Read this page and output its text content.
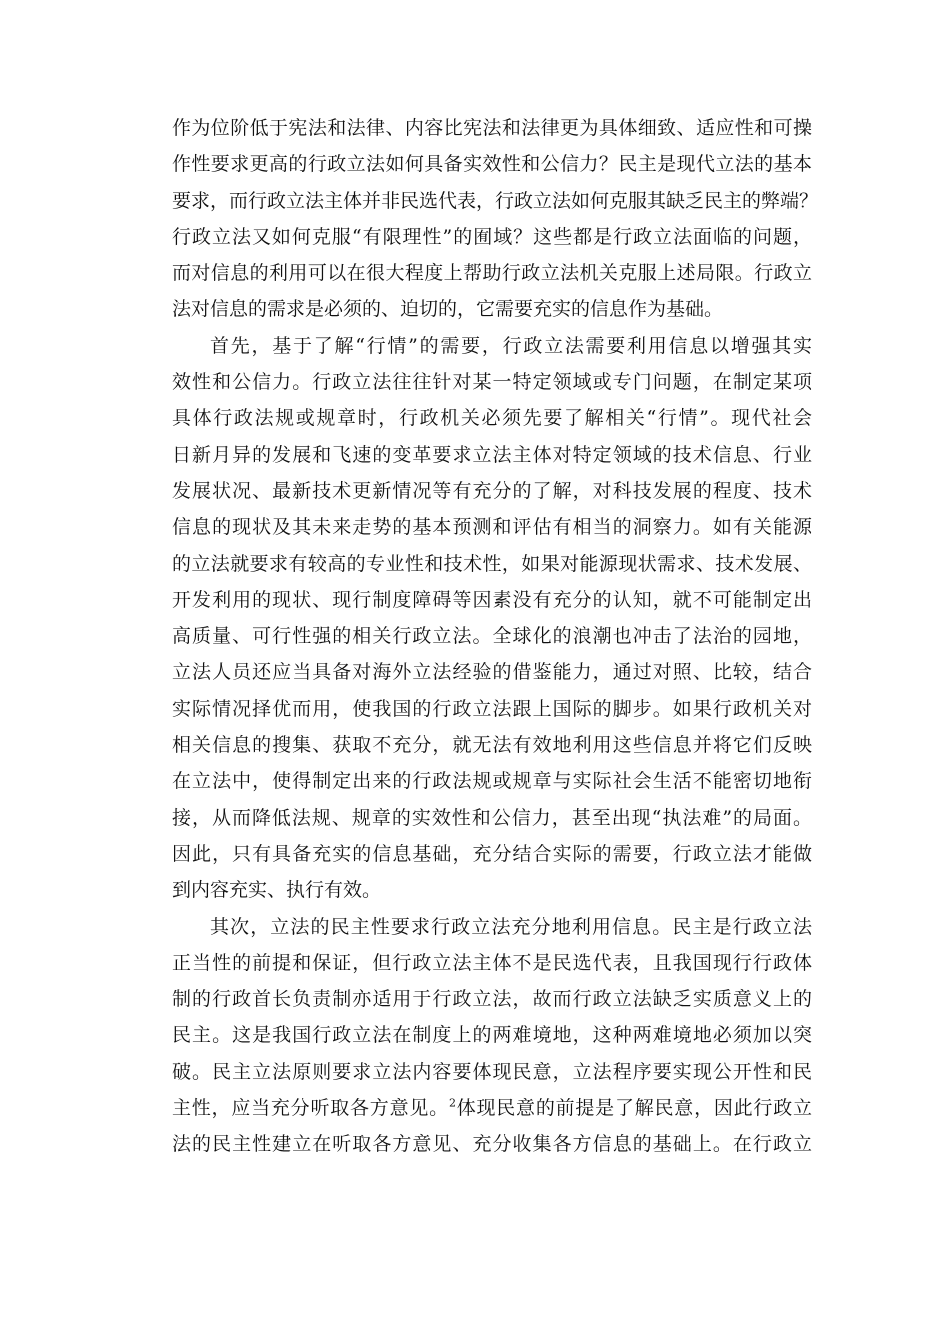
作为位阶低于宪法和法律、内容比宪法和法律更为具体细致、适应性和可操
作性要求更高的行政立法如何具备实效性和公信力？民主是现代立法的基本
要求，而行政立法主体并非民选代表，行政立法如何克服其缺乏民主的弊端？
行政立法又如何克服“有限理性”的囿域？这些都是行政立法面临的问题，
而对信息的利用可以在很大程度上帮助行政立法机关克服上述局限。行政立
法对信息的需求是必须的、迫切的，它需要充实的信息作为基础。
首先，基于了解“行情”的需要，行政立法需要利用信息以增强其实
效性和公信力。行政立法往往针对某一特定领域或专门问题，在制定某项
具体行政法规或规章时，行政机关必须先要了解相关“行情”。现代社会
日新月异的发展和飞速的变革要求立法主体对特定领域的技术信息、行业
发展状况、最新技术更新情况等有充分的了解，对科技发展的程度、技术
信息的现状及其未来走势的基本预测和评估有相当的洞察力。如有关能源
的立法就要求有较高的专业性和技术性，如果对能源现状需求、技术发展、
开发利用的现状、现行制度障碍等因素没有充分的认知，就不可能制定出
高质量、可行性强的相关行政立法。全球化的浪潮也冲击了法治的园地，
立法人员还应当具备对海外立法经验的借鉴能力，通过对照、比较，结合
实际情况择优而用，使我国的行政立法跟上国际的脚步。如果行政机关对
相关信息的搜集、获取不充分，就无法有效地利用这些信息并将它们反映
在立法中，使得制定出来的行政法规或规章与实际社会生活不能密切地衔
接，从而降低法规、规章的实效性和公信力，甚至出现“执法难”的局面。
因此，只有具备充实的信息基础，充分结合实际的需要，行政立法才能做
到内容充实、执行有效。
其次，立法的民主性要求行政立法充分地利用信息。民主是行政立法
正当性的前提和保证，但行政立法主体不是民选代表，且我国现行行政体
制的行政首长负责制亦适用于行政立法，故而行政立法缺乏实质意义上的
民主。这是我国行政立法在制度上的两难境地，这种两难境地必须加以突
破。民主立法原则要求立法内容要体现民意，立法程序要实现公开性和民
主性，应当充分听取各方意见。$^2$体现民意的前提是了解民意，因此行政立
法的民主性建立在听取各方意见、充分收集各方信息的基础上。在行政立
